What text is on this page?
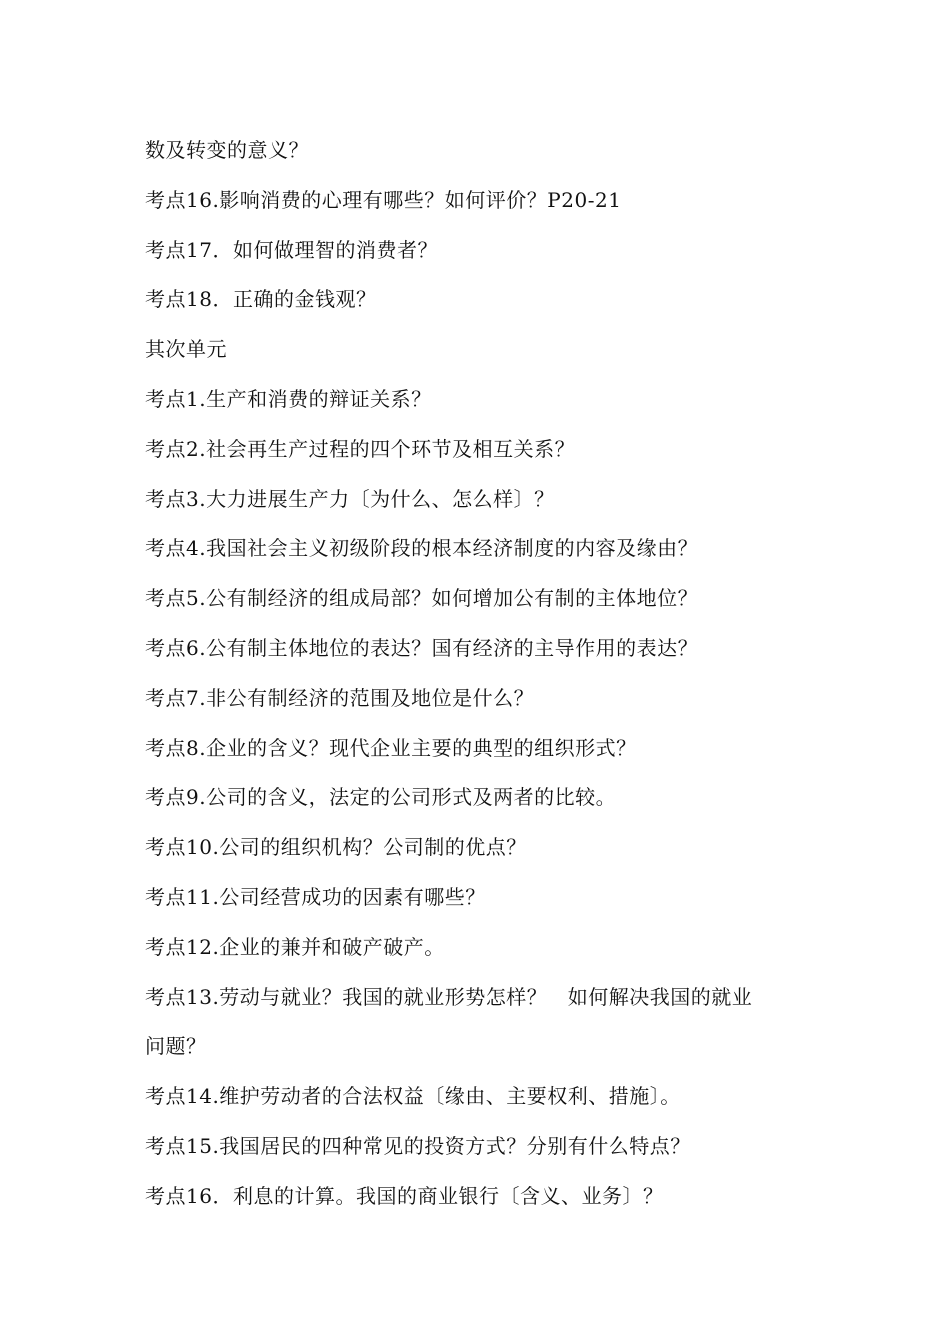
数及转变的意义？
考点16.影响消费的心理有哪些？如何评价？P20-21
考点17．如何做理智的消费者？
考点18．正确的金钱观？
其次单元
考点1.生产和消费的辩证关系？
考点2.社会再生产过程的四个环节及相互关系？
考点3.大力进展生产力〔为什么、怎么样〕？
考点4.我国社会主义初级阶段的根本经济制度的内容及缘由？
考点5.公有制经济的组成局部？如何增加公有制的主体地位？
考点6.公有制主体地位的表达？国有经济的主导作用的表达？
考点7.非公有制经济的范围及地位是什么？
考点8.企业的含义？现代企业主要的典型的组织形式？
考点9.公司的含义，法定的公司形式及两者的比较。
考点10.公司的组织机构？公司制的优点？
考点11.公司经营成功的因素有哪些？
考点12.企业的兼并和破产破产。
考点13.劳动与就业？我国的就业形势怎样？　如何解决我国的就业
问题？
考点14.维护劳动者的合法权益〔缘由、主要权利、措施〕。
考点15.我国居民的四种常见的投资方式？分别有什么特点？
考点16．利息的计算。我国的商业银行〔含义、业务〕？
